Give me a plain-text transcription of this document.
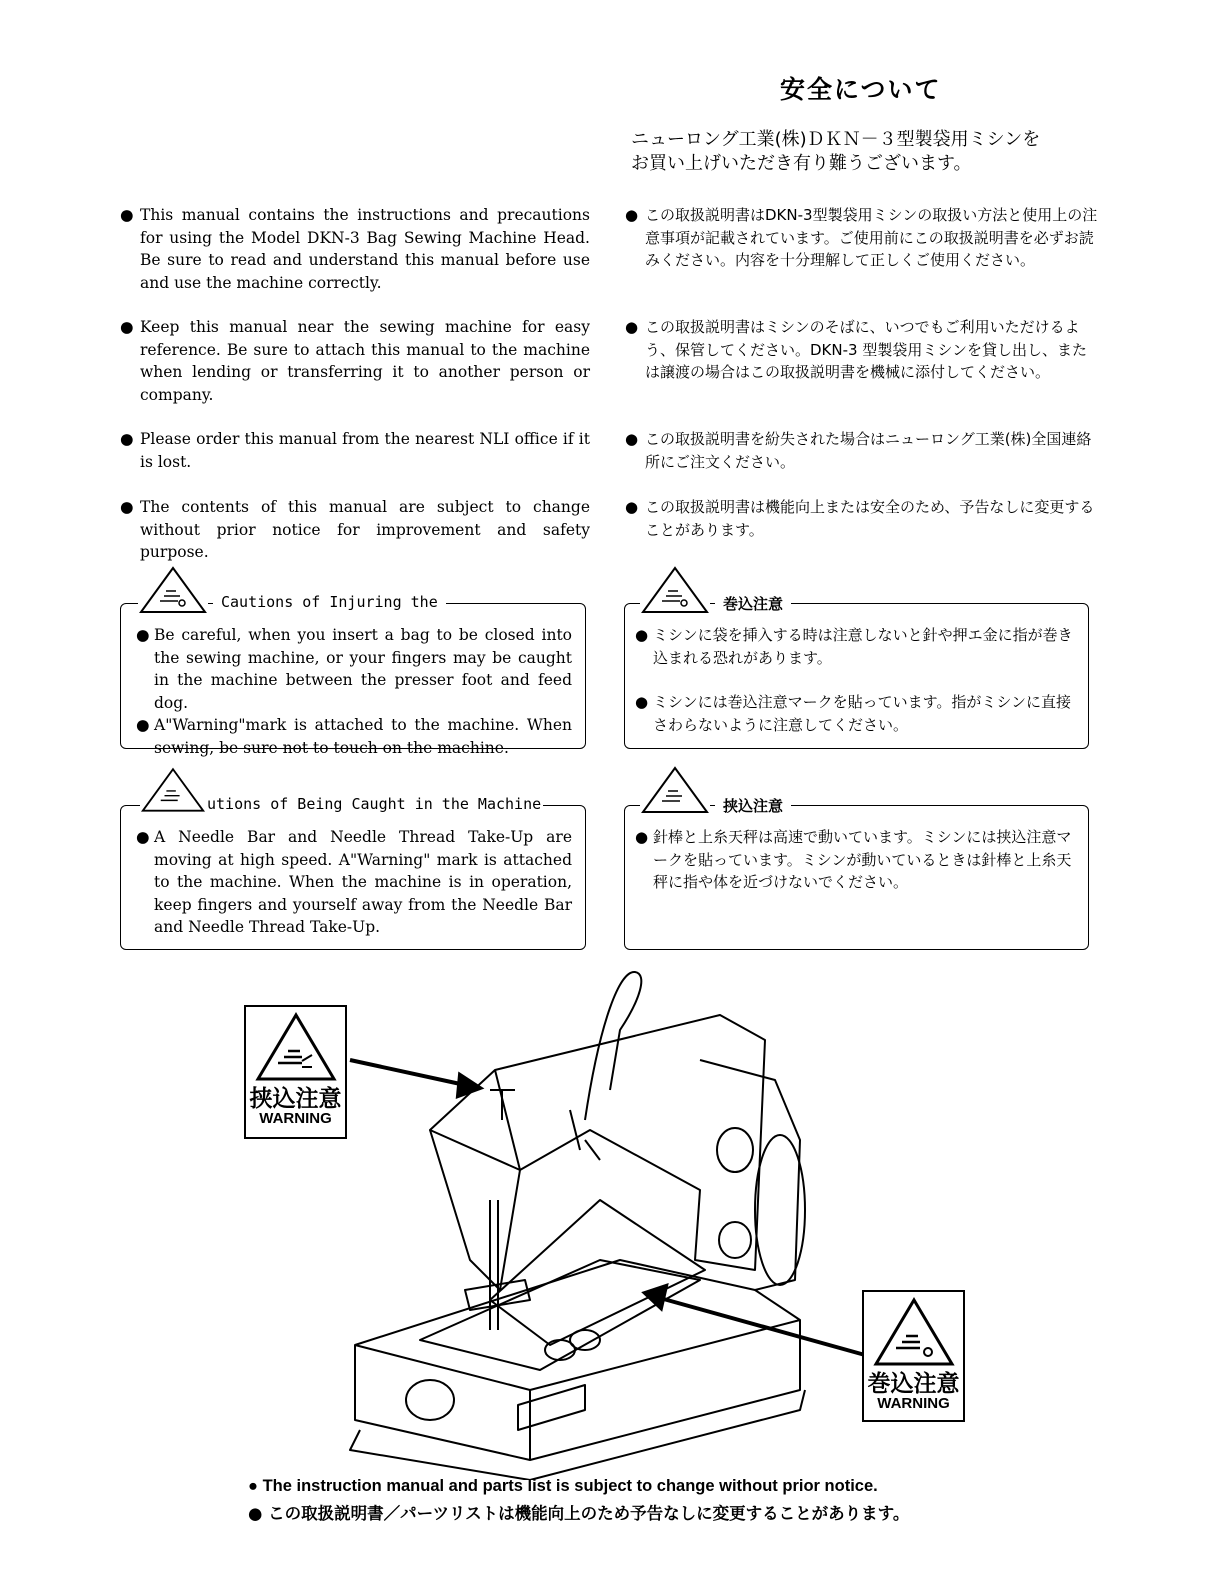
安全について
ニューロング工業(株)ＤＫＮ－３型製袋用ミシンを
お買い上げいただき有り難うございます。
● This manual contains the instructions and precautions for using the Model DKN-3 Bag Sewing Machine Head. Be sure to read and understand this manual before use and use the machine correctly.
● Keep this manual near the sewing machine for easy reference. Be sure to attach this manual to the machine when lending or transferring it to another person or company.
● Please order this manual from the nearest NLI office if it is lost.
● The contents of this manual are subject to change without prior notice for improvement and safety purpose.
● この取扱説明書はDKN-3型製袋用ミシンの取扱い方法と使用上の注意事項が記載されています。ご使用前にこの取扱説明書を必ずお読みください。内容を十分理解して正しくご使用ください。
● この取扱説明書はミシンのそばに、いつでもご利用いただけるよう、保管してください。DKN-3 型製袋用ミシンを貸し出し、または譲渡の場合はこの取扱説明書を機械に添付してください。
● この取扱説明書を紛失された場合はニューロング工業(株)全国連絡所にご注文ください。
● この取扱説明書は機能向上または安全のため、予告なしに変更することがあります。
Cautions of Injuring the
● Be careful, when you insert a bag to be closed into the sewing machine, or your fingers may be caught in the machine between the presser foot and feed dog.
● A"Warning"mark is attached to the machine. When sewing, be sure not to touch on the machine.
巻込注意
● ミシンに袋を挿入する時は注意しないと針や押エ金に指が巻き込まれる恐れがあります。
● ミシンには巻込注意マークを貼っています。指がミシンに直接さわらないように注意してください。
utions of Being Caught in the Machine
● A Needle Bar and Needle Thread Take-Up are moving at high speed. A"Warning" mark is attached to the machine. When the machine is in operation, keep fingers and yourself away from the Needle Bar and Needle Thread Take-Up.
挟込注意
● 針棒と上糸天秤は高速で動いています。ミシンには挟込注意マークを貼っています。ミシンが動いているときは針棒と上糸天秤に指や体を近づけないでください。
挟込注意
WARNING
巻込注意
WARNING
● The instruction manual and parts list is subject to change without prior notice.
● この取扱説明書／パーツリストは機能向上のため予告なしに変更することがあります。
